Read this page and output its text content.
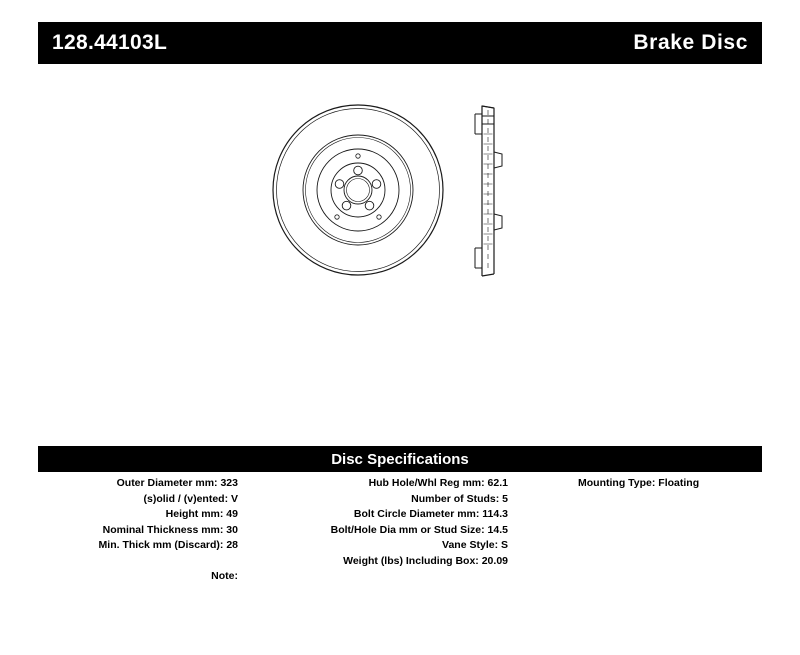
128.44103L	Brake Disc
Disc Specifications
Outer Diameter mm: 323
(s)olid / (v)ented: V
Height mm: 49
Nominal Thickness mm: 30
Min. Thick mm (Discard): 28
Hub Hole/Whl Reg mm: 62.1
Number of Studs: 5
Bolt Circle Diameter mm: 114.3
Bolt/Hole Dia mm or Stud Size: 14.5
Vane Style: S
Weight (lbs) Including Box: 20.09
Mounting Type: Floating
Note:
